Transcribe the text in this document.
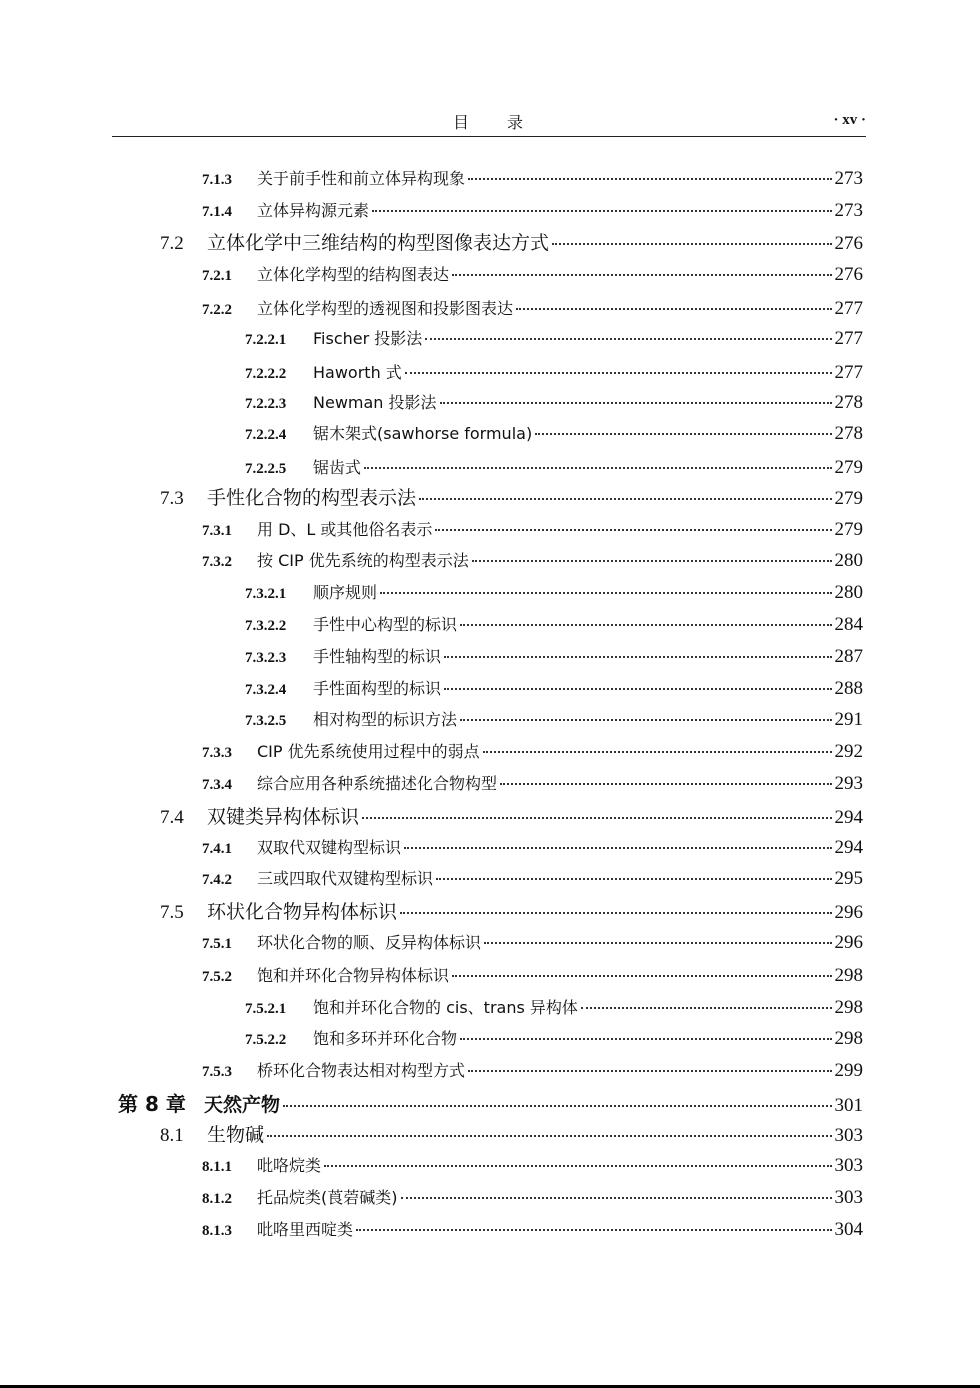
目　　录	· xv ·
7.1.3	关于前手性和前立体异构现象	273
7.1.4	立体异构源元素	273
7.2	立体化学中三维结构的构型图像表达方式	276
7.2.1	立体化学构型的结构图表达	276
7.2.2	立体化学构型的透视图和投影图表达	277
7.2.2.1	Fischer 投影法	277
7.2.2.2	Haworth 式	277
7.2.2.3	Newman 投影法	278
7.2.2.4	锯木架式(sawhorse formula)	278
7.2.2.5	锯齿式	279
7.3	手性化合物的构型表示法	279
7.3.1	用 D、L 或其他俗名表示	279
7.3.2	按 CIP 优先系统的构型表示法	280
7.3.2.1	顺序规则	280
7.3.2.2	手性中心构型的标识	284
7.3.2.3	手性轴构型的标识	287
7.3.2.4	手性面构型的标识	288
7.3.2.5	相对构型的标识方法	291
7.3.3	CIP 优先系统使用过程中的弱点	292
7.3.4	综合应用各种系统描述化合物构型	293
7.4	双键类异构体标识	294
7.4.1	双取代双键构型标识	294
7.4.2	三或四取代双键构型标识	295
7.5	环状化合物异构体标识	296
7.5.1	环状化合物的顺、反异构体标识	296
7.5.2	饱和并环化合物异构体标识	298
7.5.2.1	饱和并环化合物的 cis、trans 异构体	298
7.5.2.2	饱和多环并环化合物	298
7.5.3	桥环化合物表达相对构型方式	299
第 8 章 天然产物	301
8.1	生物碱	303
8.1.1	吡咯烷类	303
8.1.2	托品烷类(莨菪碱类)	303
8.1.3	吡咯里西啶类	304
